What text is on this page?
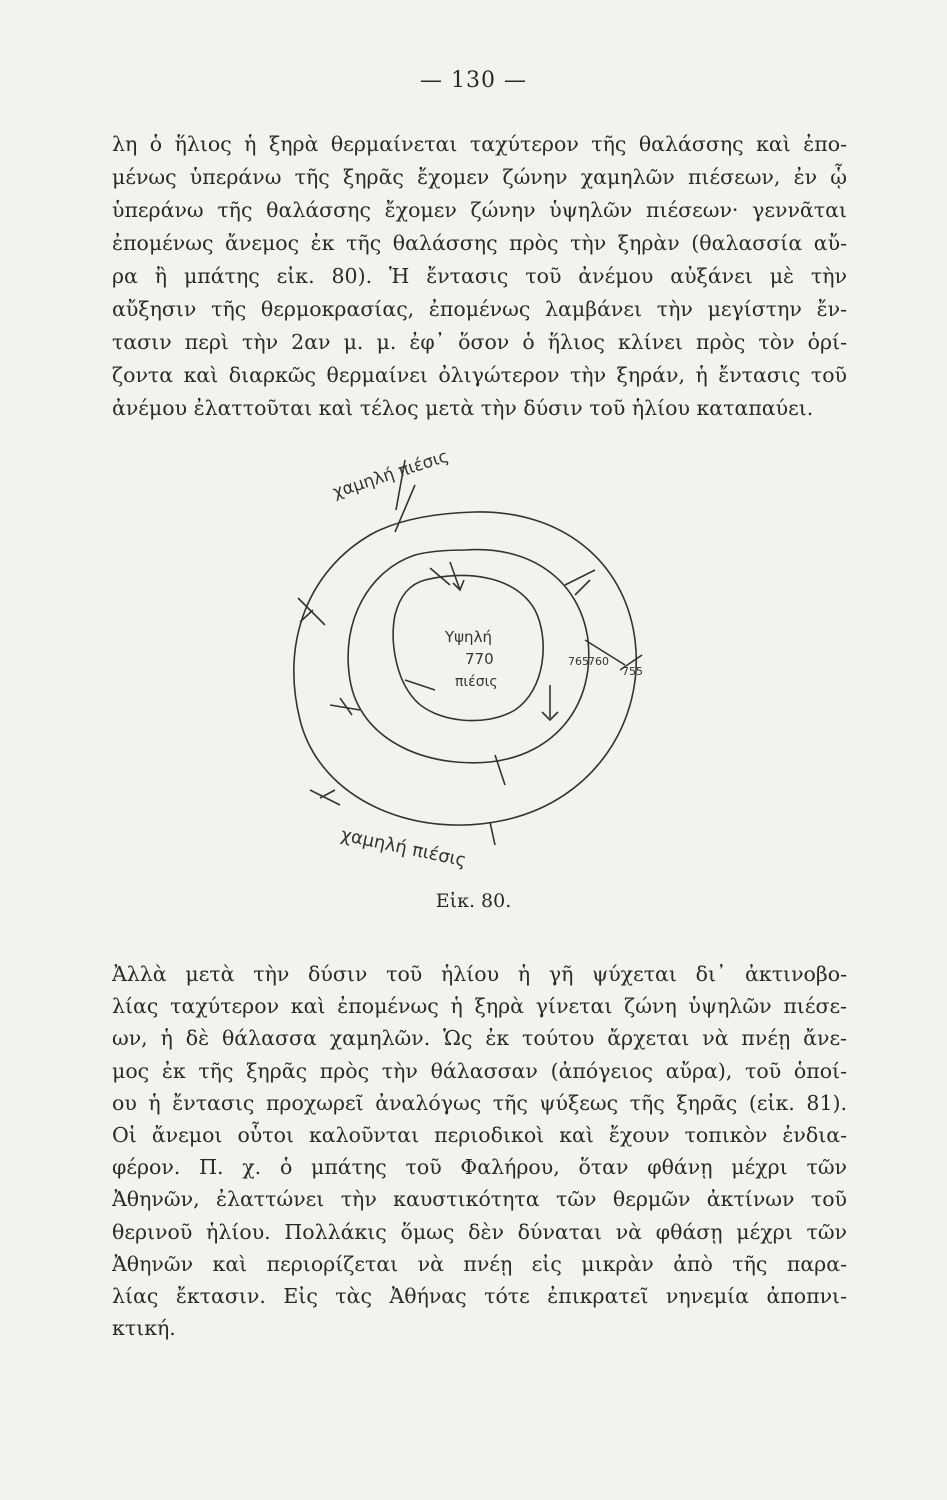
— 130 —
λη ὁ ἥλιος ἡ ξηρὰ θερμαίνεται ταχύτερον τῆς θαλάσσης καὶ ἐπο-
μένως ὑπεράνω τῆς ξηρᾶς ἔχομεν ζώνην χαμηλῶν πιέσεων, ἐν ᾧ
ὑπεράνω τῆς θαλάσσης ἔχομεν ζώνην ὑψηλῶν πιέσεων· γεννᾶται
ἐπομένως ἄνεμος ἐκ τῆς θαλάσσης πρὸς τὴν ξηρὰν (θαλασσία αὔ-
ρα ἢ μπάτης εἰκ. 80). Ἡ ἔντασις τοῦ ἀνέμου αὐξάνει μὲ τὴν
αὔξησιν τῆς θερμοκρασίας, ἐπομένως λαμβάνει τὴν μεγίστην ἔν-
τασιν περὶ τὴν 2αν μ. μ. ἐφ᾽ ὅσον ὁ ἥλιος κλίνει πρὸς τὸν ὁρί-
ζοντα καὶ διαρκῶς θερμαίνει ὀλιγώτερον τὴν ξηράν, ἡ ἔντασις τοῦ
ἀνέμου ἐλαττοῦται καὶ τέλος μετὰ τὴν δύσιν τοῦ ἡλίου καταπαύει.
χαμηλή πιέσις
Υψηλή
770
πιέσις
765 760
755
χαμηλή πιέσις
Εἰκ. 80.
Ἀλλὰ μετὰ τὴν δύσιν τοῦ ἡλίου ἡ γῆ ψύχεται δι᾽ ἀκτινοβο-
λίας ταχύτερον καὶ ἐπομένως ἡ ξηρὰ γίνεται ζώνη ὑψηλῶν πιέσε-
ων, ἡ δὲ θάλασσα χαμηλῶν. Ὡς ἐκ τούτου ἄρχεται νὰ πνέῃ ἄνε-
μος ἐκ τῆς ξηρᾶς πρὸς τὴν θάλασσαν (ἀπόγειος αὔρα), τοῦ ὁποί-
ου ἡ ἔντασις προχωρεῖ ἀναλόγως τῆς ψύξεως τῆς ξηρᾶς (εἰκ. 81).
Οἱ ἄνεμοι οὗτοι καλοῦνται περιοδικοὶ καὶ ἔχουν τοπικὸν ἐνδια-
φέρον. Π. χ. ὁ μπάτης τοῦ Φαλήρου, ὅταν φθάνῃ μέχρι τῶν
Ἀθηνῶν, ἐλαττώνει τὴν καυστικότητα τῶν θερμῶν ἀκτίνων τοῦ
θερινοῦ ἡλίου. Πολλάκις ὅμως δὲν δύναται νὰ φθάσῃ μέχρι τῶν
Ἀθηνῶν καὶ περιορίζεται νὰ πνέῃ εἰς μικρὰν ἀπὸ τῆς παρα-
λίας ἔκτασιν. Εἰς τὰς Ἀθήνας τότε ἐπικρατεῖ νηνεμία ἀποπνι-
κτική.
